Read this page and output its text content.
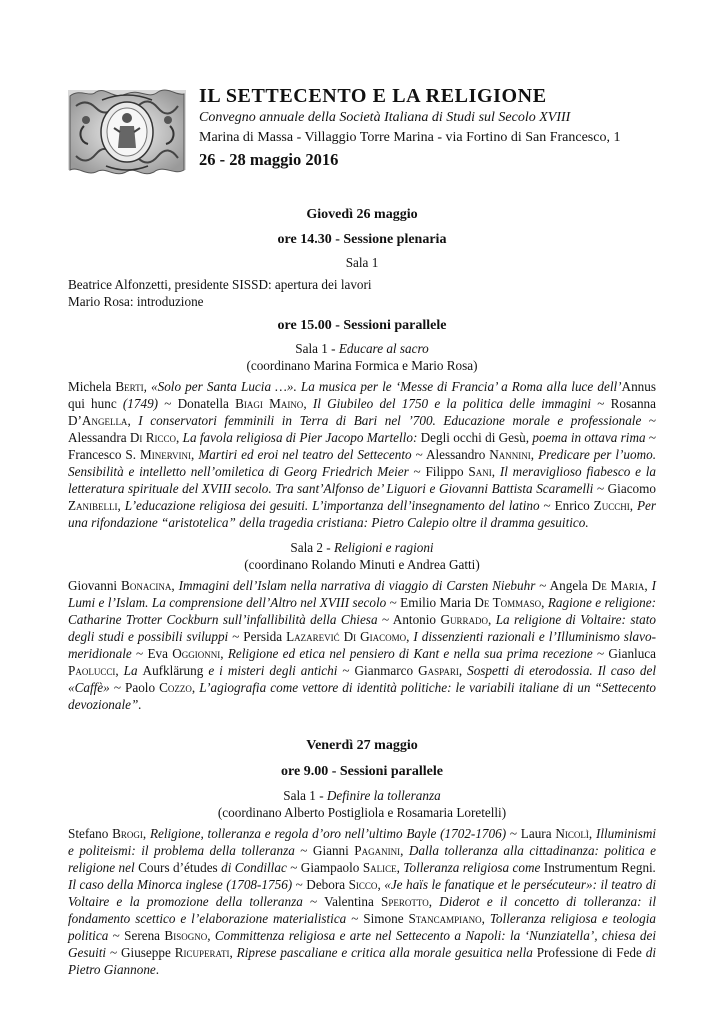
IL SETTECENTO E LA RELIGIONE

Convegno annuale della Società Italiana di Studi sul Secolo XVIII

Marina di Massa - Villaggio Torre Marina - via Fortino di San Francesco, 1

26 - 28 maggio 2016

Giovedì 26 maggio

ore 14.30 - Sessione plenaria

Sala 1

Beatrice Alfonzetti, presidente SISSD: apertura dei lavori

Mario Rosa: introduzione

ore 15.00 - Sessioni parallele

Sala 1 - Educare al sacro

(coordinano Marina Formica e Mario Rosa)

Michela Berti, «Solo per Santa Lucia …». La musica per le ‘Messe di Francia’ a Roma alla luce dell’Annus qui hunc (1749) ~ Donatella Biagi Maino, Il Giubileo del 1750 e la politica delle immagini ~ Rosanna D’Angella, I conservatori femminili in Terra di Bari nel ’700. Educazione morale e professionale ~ Alessandra Di Ricco, La favola religiosa di Pier Jacopo Martello: Degli occhi di Gesù, poema in ottava rima ~ Francesco S. Minervini, Martiri ed eroi nel teatro del Settecento ~ Alessandro Nannini, Predicare per l’uomo. Sensibilità e intelletto nell’omiletica di Georg Friedrich Meier ~ Filippo Sani, Il meraviglioso fiabesco e la letteratura spirituale del XVIII secolo. Tra sant’Alfonso de’ Liguori e Giovanni Battista Scaramelli ~ Giacomo Zanibelli, L’educazione religiosa dei gesuiti. L’importanza dell’insegnamento del latino ~ Enrico Zucchi, Per una rifondazione “aristotelica” della tragedia cristiana: Pietro Calepio oltre il dramma gesuitico.

Sala 2 - Religioni e ragioni

(coordinano Rolando Minuti e Andrea Gatti)

Giovanni Bonacina, Immagini dell’Islam nella narrativa di viaggio di Carsten Niebuhr ~ Angela De Maria, I Lumi e l’Islam. La comprensione dell’Altro nel XVIII secolo ~ Emilio Maria De Tommaso, Ragione e religione: Catharine Trotter Cockburn sull’infallibilità della Chiesa ~ Antonio Gurrado, La religione di Voltaire: stato degli studi e possibili sviluppi ~ Persida Lazarević Di Giacomo, I dissenzienti razionali e l’Illuminismo slavo-meridionale ~ Eva Oggionni, Religione ed etica nel pensiero di Kant e nella sua prima recezione ~ Gianluca Paolucci, La Aufklärung e i misteri degli antichi ~ Gianmarco Gaspari, Sospetti di eterodossia. Il caso del «Caffè» ~ Paolo Cozzo, L’agiografia come vettore di identità politiche: le variabili italiane di un “Settecento devozionale”.

Venerdì 27 maggio

ore 9.00 - Sessioni parallele

Sala 1 - Definire la tolleranza

(coordinano Alberto Postigliola e Rosamaria Loretelli)

Stefano Brogi, Religione, tolleranza e regola d’oro nell’ultimo Bayle (1702-1706) ~ Laura Nicolì, Illuminismi e politeismi: il problema della tolleranza ~ Gianni Paganini, Dalla tolleranza alla cittadinanza: politica e religione nel Cours d’études di Condillac ~ Giampaolo Salice, Tolleranza religiosa come Instrumentum Regni. Il caso della Minorca inglese (1708-1756) ~ Debora Sicco, «Je haïs le fanatique et le persécuteur»: il teatro di Voltaire e la promozione della tolleranza ~ Valentina Sperotto, Diderot e il concetto di tolleranza: il fondamento scettico e l’elaborazione materialistica ~ Simone Stancampiano, Tolleranza religiosa e teologia politica ~ Serena Bisogno, Committenza religiosa e arte nel Settecento a Napoli: la ‘Nunziatella’, chiesa dei Gesuiti ~ Giuseppe Ricuperati, Riprese pascaliane e critica alla morale gesuitica nella Professione di Fede di Pietro Giannone.
